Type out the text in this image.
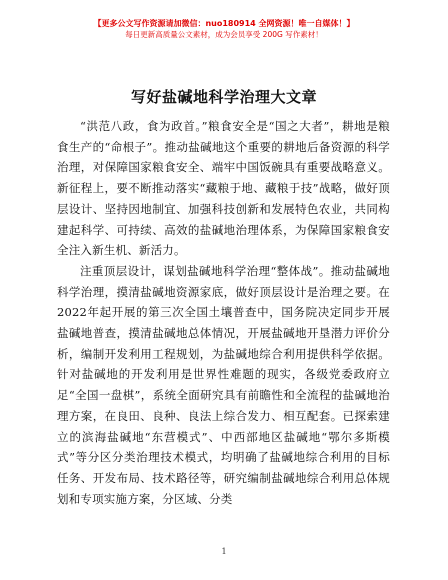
【更多公文写作资源请加微信：nuo180914 全网资源！唯一自媒体！】
每日更新高质量公文素材，成为会员享受 200G 写作素材！
写好盐碱地科学治理大文章

“洪范八政，食为政首。”粮食安全是“国之大者”，耕地是粮食生产的“命根子”。推动盐碱地这个重要的耕地后备资源的科学治理，对保障国家粮食安全、端牢中国饭碗具有重要战略意义。新征程上，要不断推动落实“藏粮于地、藏粮于技”战略，做好顶层设计、坚持因地制宜、加强科技创新和发展特色农业，共同构建起科学、可持续、高效的盐碱地治理体系，为保障国家粮食安全注入新生机、新活力。

注重顶层设计，谋划盐碱地科学治理“整体战”。推动盐碱地科学治理，摸清盐碱地资源家底，做好顶层设计是治理之要。在2022年起开展的第三次全国土壤普查中，国务院决定同步开展盐碱地普查，摸清盐碱地总体情况，开展盐碱地开垦潜力评价分析，编制开发利用工程规划，为盐碱地综合利用提供科学依据。针对盐碱地的开发利用是世界性难题的现实，各级党委政府立足“全国一盘棋”，系统全面研究具有前瞻性和全流程的盐碱地治理方案，在良田、良种、良法上综合发力、相互配套。已探索建立的滨海盐碱地“东营模式”、中西部地区盐碱地“鄂尔多斯模式”等分区分类治理技术模式，均明确了盐碱地综合利用的目标任务、开发布局、技术路径等，研究编制盐碱地综合利用总体规划和专项实施方案，分区域、分类

1
